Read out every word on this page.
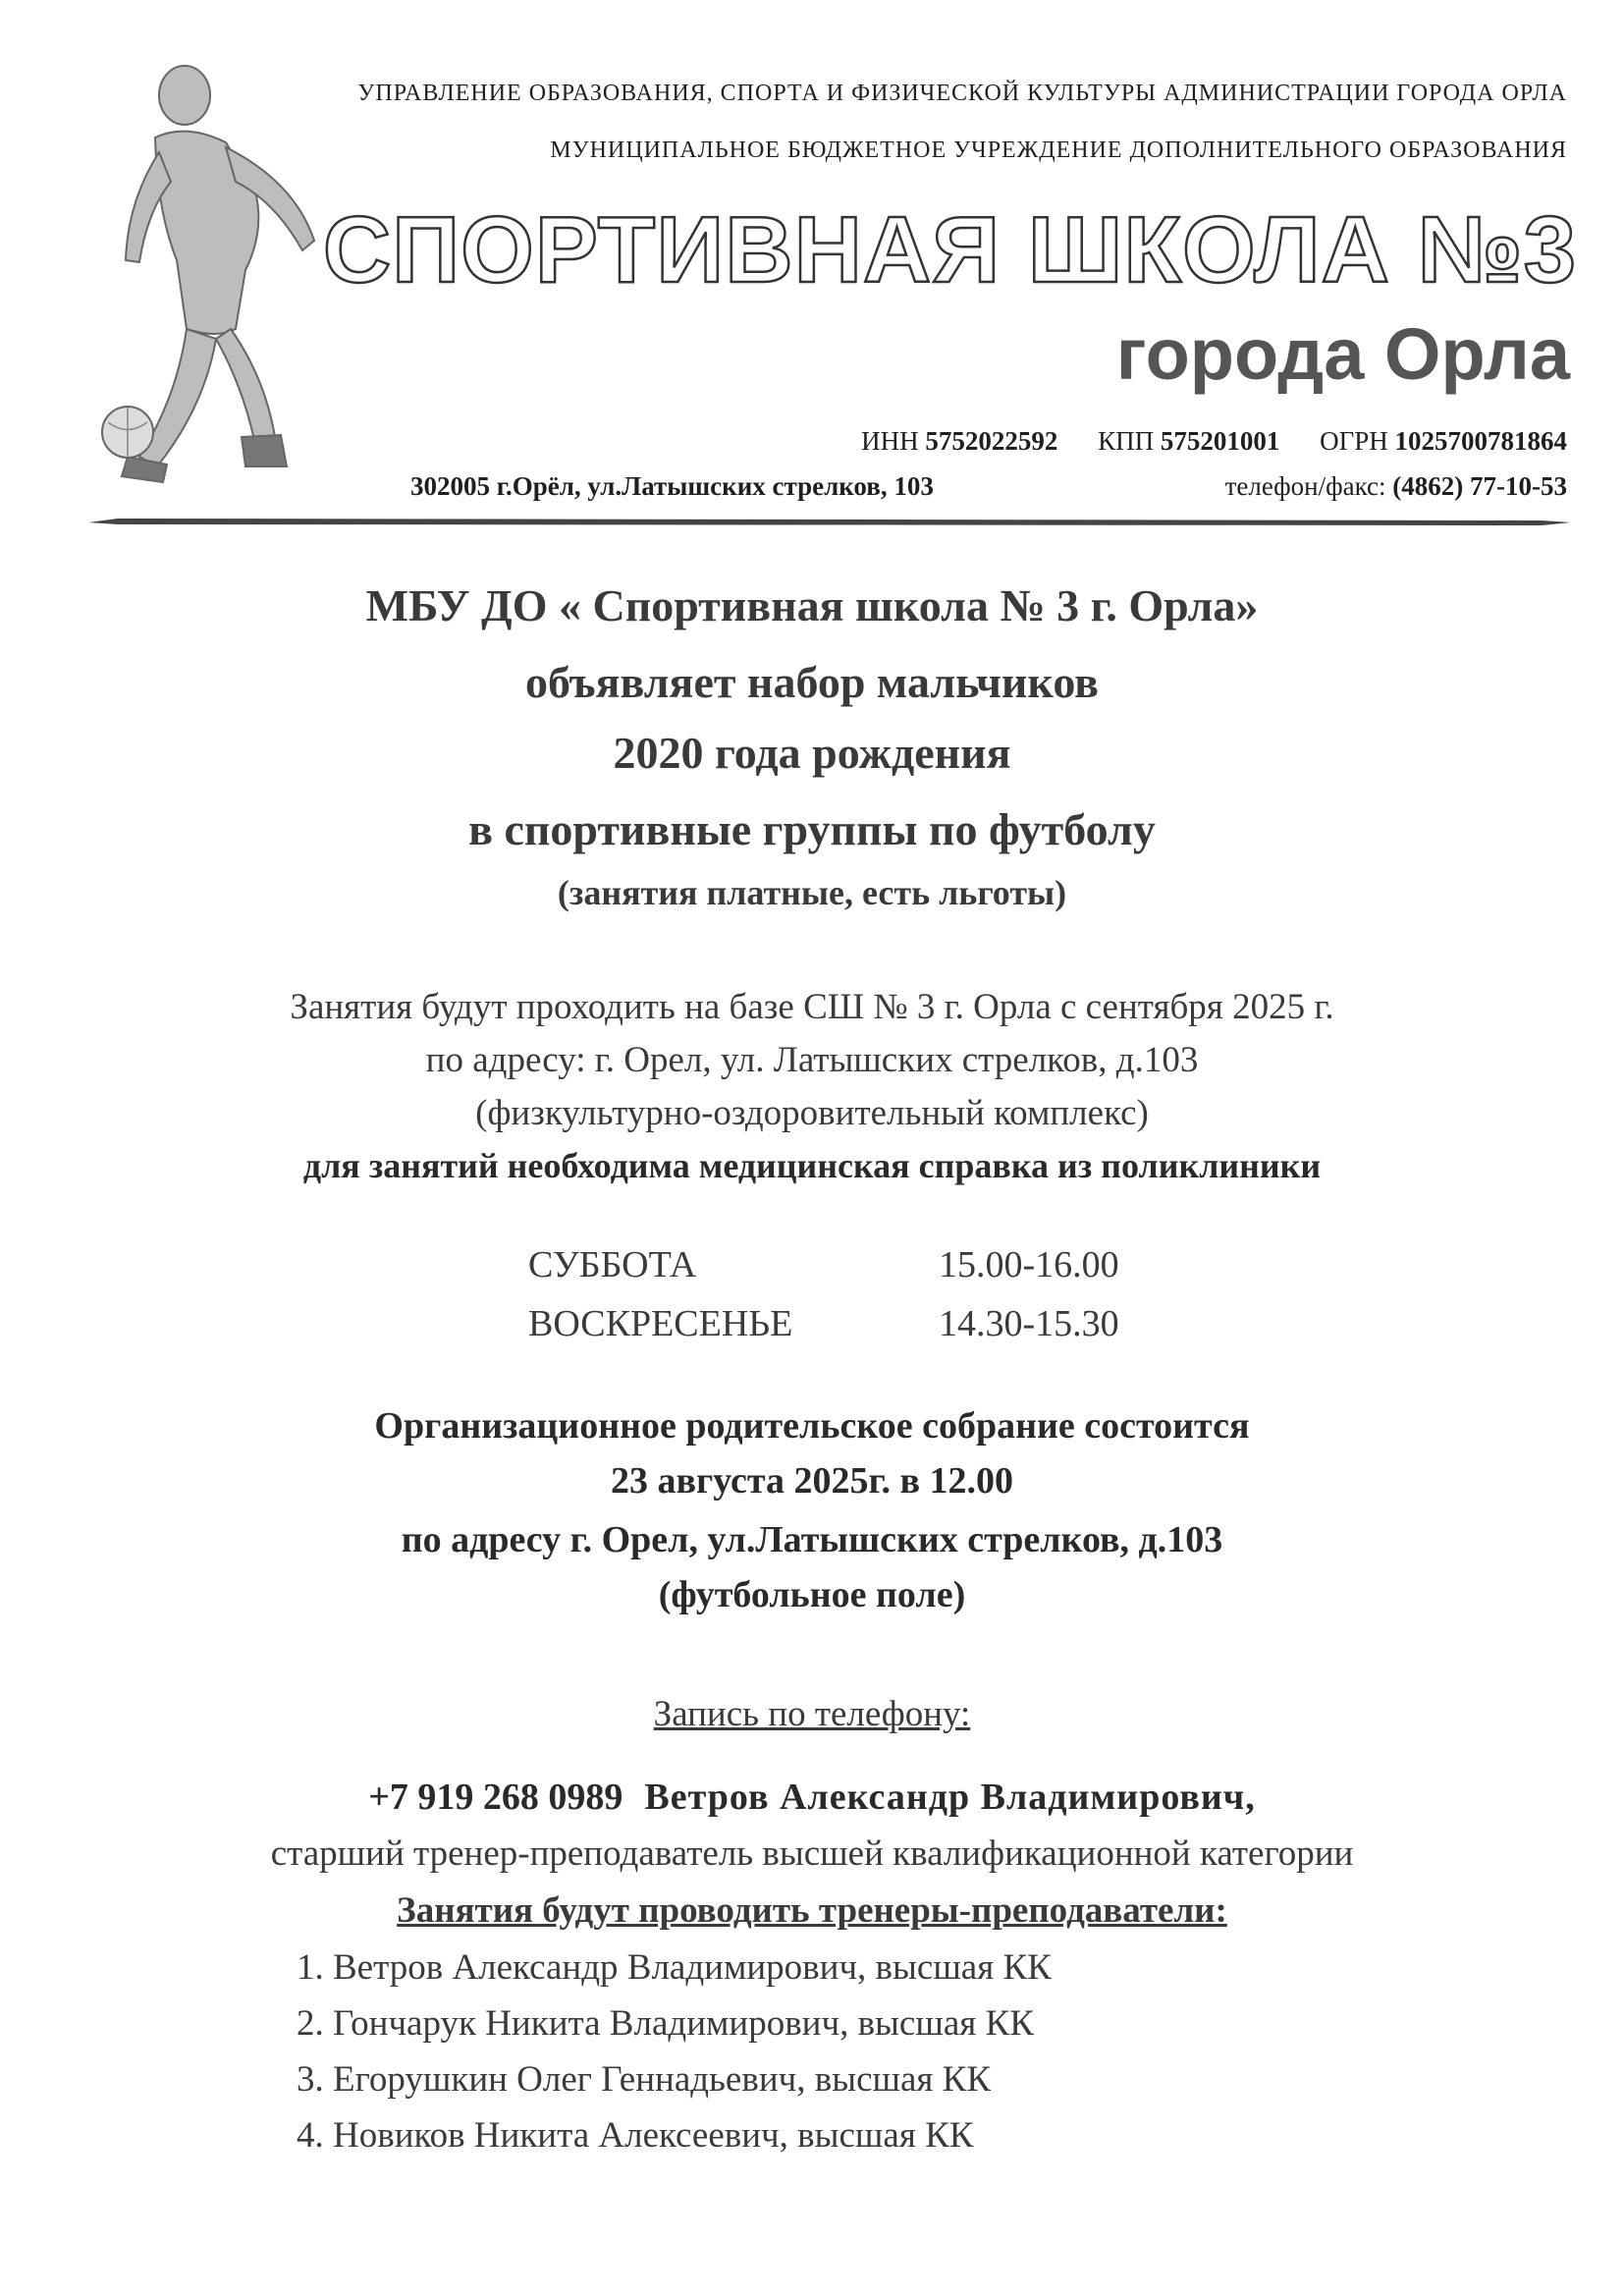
УПРАВЛЕНИЕ ОБРАЗОВАНИЯ, СПОРТА И ФИЗИЧЕСКОЙ КУЛЬТУРЫ АДМИНИСТРАЦИИ ГОРОДА ОРЛА
МУНИЦИПАЛЬНОЕ БЮДЖЕТНОЕ УЧРЕЖДЕНИЕ ДОПОЛНИТЕЛЬНОГО ОБРАЗОВАНИЯ
СПОРТИВНАЯ ШКОЛА №3
города Орла
ИНН 5752022592 КПП 575201001 ОГРН 1025700781864
302005 г.Орёл, ул.Латышских стрелков, 103	телефон/факс: (4862) 77-10-53
МБУ ДО « Спортивная школа № 3 г. Орла»
объявляет набор мальчиков
2020 года рождения
в спортивные группы по футболу
(занятия платные, есть льготы)
Занятия будут проходить на базе СШ № 3 г. Орла с сентября 2025 г.
по адресу: г. Орел, ул. Латышских стрелков, д.103
(физкультурно-оздоровительный комплекс)
для занятий необходима медицинская справка из поликлиники
СУББОТА	15.00-16.00
ВОСКРЕСЕНЬЕ	14.30-15.30
Организационное родительское собрание состоится
23 августа 2025г. в 12.00
по адресу г. Орел, ул.Латышских стрелков, д.103
(футбольное поле)
Запись по телефону:
+7 919 268 0989 Ветров Александр Владимирович,
старший тренер-преподаватель высшей квалификационной категории
Занятия будут проводить тренеры-преподаватели:
1. Ветров Александр Владимирович, высшая КК
2. Гончарук Никита Владимирович, высшая КК
3. Егорушкин Олег Геннадьевич, высшая КК
4. Новиков Никита Алексеевич, высшая КК
